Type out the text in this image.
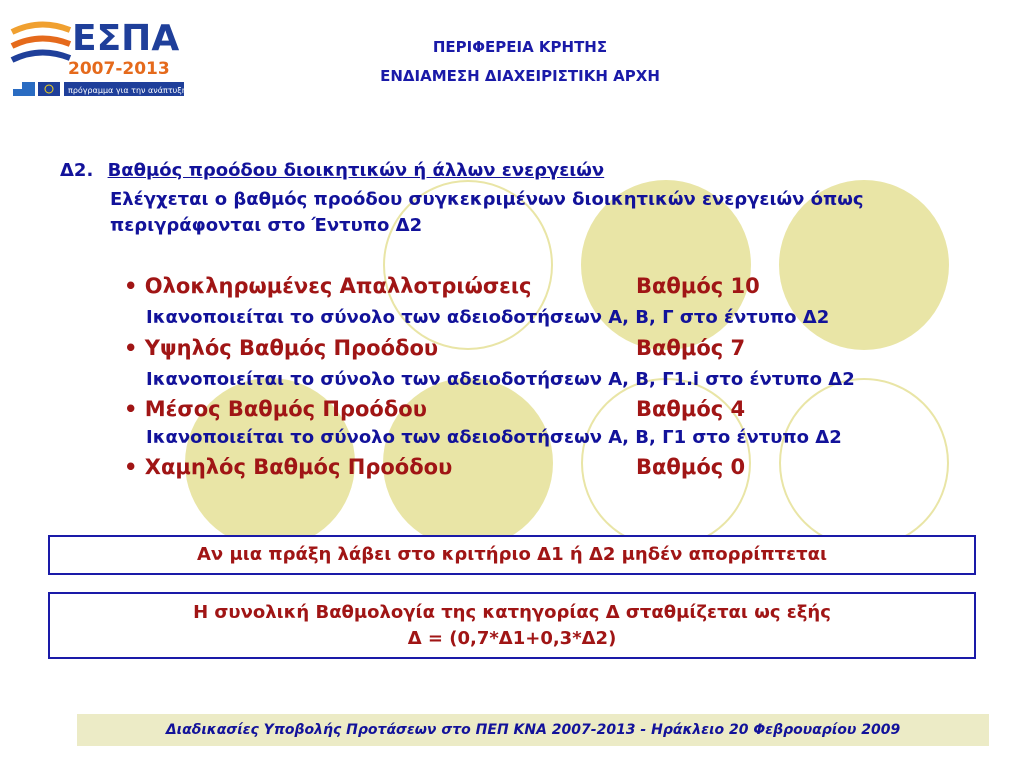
ΕΣΠΑ
2007-2013
πρόγραμμα για την ανάπτυξη
ΠΕΡΙΦΕΡΕΙΑ ΚΡΗΤΗΣ
ΕΝΔΙΑΜΕΣΗ ΔΙΑΧΕΙΡΙΣΤΙΚΗ ΑΡΧΗ
Δ2. Βαθμός προόδου διοικητικών ή άλλων ενεργειών
Ελέγχεται ο βαθμός προόδου συγκεκριμένων διοικητικών ενεργειών όπως
περιγράφονται στο Έντυπο Δ2
• Ολοκληρωμένες Απαλλοτριώσεις	Βαθμός 10
Ικανοποιείται το σύνολο των αδειοδοτήσεων Α, Β, Γ στο έντυπο Δ2
• Υψηλός Βαθμός Προόδου	Βαθμός 7
Ικανοποιείται το σύνολο των αδειοδοτήσεων Α, Β, Γ1.i στο έντυπο Δ2
• Μέσος Βαθμός Προόδου	Βαθμός 4
Ικανοποιείται το σύνολο των αδειοδοτήσεων Α, Β, Γ1 στο έντυπο Δ2
• Χαμηλός Βαθμός Προόδου	Βαθμός 0
Αν μια πράξη λάβει στο κριτήριο Δ1 ή Δ2 μηδέν απορρίπτεται
Η συνολική Βαθμολογία της κατηγορίας Δ σταθμίζεται ως εξής
Δ = (0,7*Δ1+0,3*Δ2)
Διαδικασίες Υποβολής Προτάσεων στο ΠΕΠ ΚΝΑ 2007-2013 - Ηράκλειο 20 Φεβρουαρίου 2009
